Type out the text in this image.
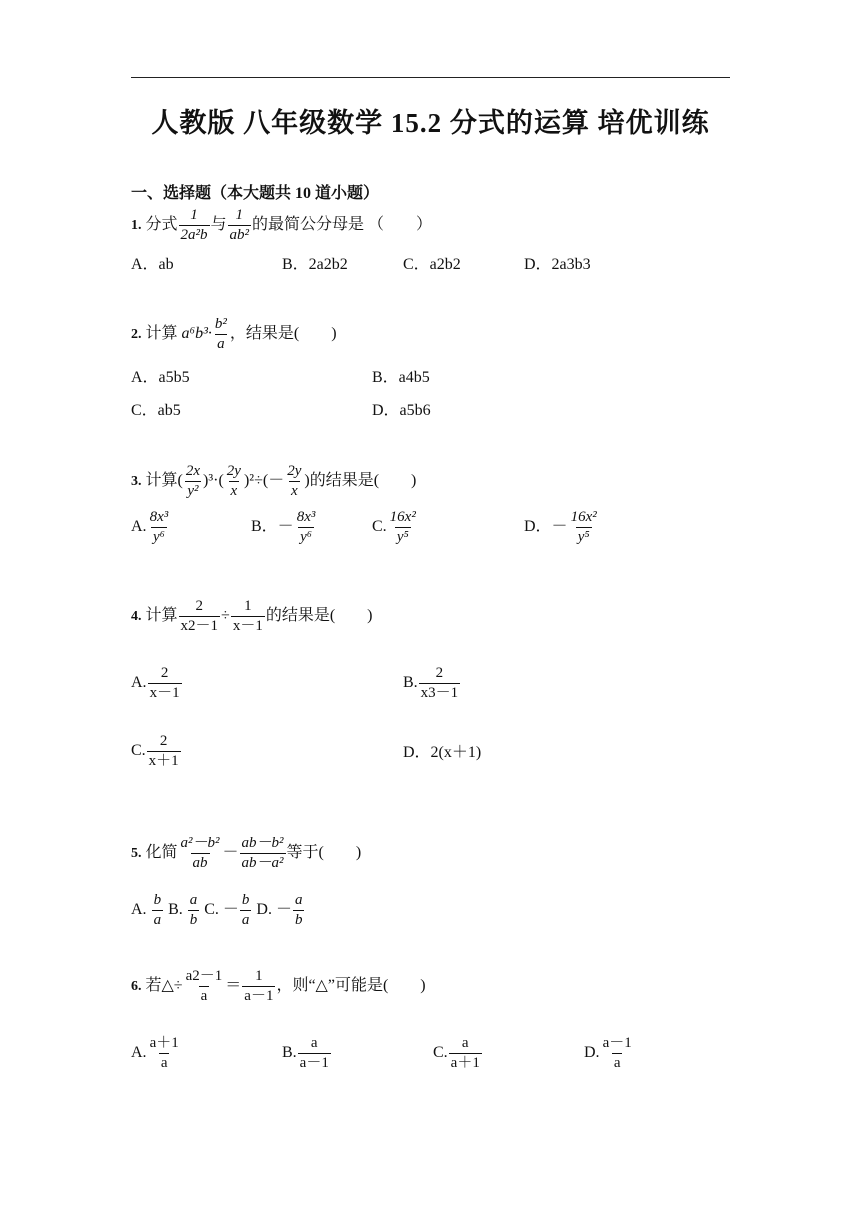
人教版 八年级数学 15.2 分式的运算 培优训练
一、选择题（本大题共 10 道小题）
1. 分式 $\frac{1}{\text{2a²b}}$ 与 $\frac{1}{\text{ab²}}$ 的最简公分母是 （　　）
A．ab	B．2a2b2	C．a2b2	D．2a3b3
2. 计算 $a^6b^3\cdot \frac{\text{b²}}{a}$ ，结果是(　　)
A．a5b5	B．a4b5
C．ab5	D．a5b6
3. 计算( $\frac{2x}{\text{y²}} )^3\cdot( \frac{2y}{x} )^2\div(- \frac{2y}{x}$ )的结果是(　　)
A. $\frac{\text{8x³}}{\text{y⁶}}$	B．－ $\frac{\text{8x³}}{\text{y⁶}}$	C. $\frac{\text{16x²}}{\text{y⁵}}$	D．－ $\frac{\text{16x²}}{\text{y⁵}}$
4. 计算 $\frac{2}{x2-1} \div \frac{1}{x-1}$ 的结果是(　　)
A. $\frac{2}{x-1}$	B. $\frac{2}{x3-1}$
C. $\frac{2}{x+1}$	D．2(x＋1)
5. 化简 $\frac{\text{a²－b²}}{ab} - \frac{\text{ab－b²}}{\text{ab－a²}}$ 等于(　　)
A. $\frac{b}{a} B$. $\frac{a}{b} C$. － $\frac{b}{a} D$. － $\frac{a}{b}$
6. 若△÷ $\frac{a2-1}{a} = \frac{1}{a-1}$ ，则“△”可能是(　　)
A. $\frac{a+1}{a}$	B. $\frac{a}{a-1}$	C. $\frac{a}{a+1}$	D. $\frac{a-1}{a}$
